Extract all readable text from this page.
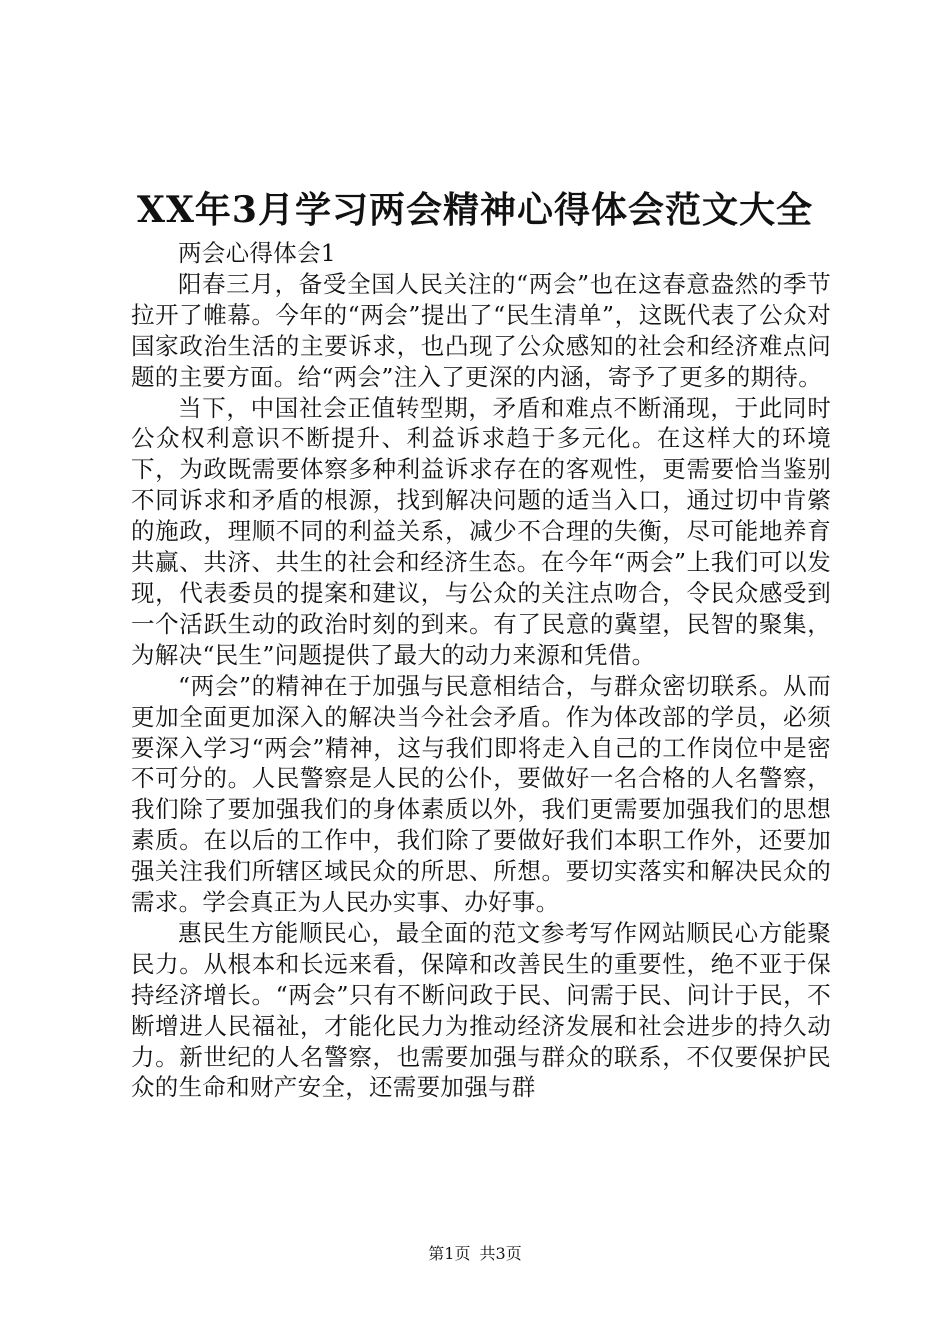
XX年3月学习两会精神心得体会范文大全

两会心得体会1

阳春三月，备受全国人民关注的“两会”也在这春意盎然的季节拉开了帷幕。今年的“两会”提出了“民生清单”，这既代表了公众对国家政治生活的主要诉求，也凸现了公众感知的社会和经济难点问题的主要方面。给“两会”注入了更深的内涵，寄予了更多的期待。

当下，中国社会正值转型期，矛盾和难点不断涌现，于此同时公众权利意识不断提升、利益诉求趋于多元化。在这样大的环境下，为政既需要体察多种利益诉求存在的客观性，更需要恰当鉴别不同诉求和矛盾的根源，找到解决问题的适当入口，通过切中肯綮的施政，理顺不同的利益关系，减少不合理的失衡，尽可能地养育共赢、共济、共生的社会和经济生态。在今年“两会”上我们可以发现，代表委员的提案和建议，与公众的关注点吻合，令民众感受到一个活跃生动的政治时刻的到来。有了民意的冀望，民智的聚集，为解决“民生”问题提供了最大的动力来源和凭借。

“两会”的精神在于加强与民意相结合，与群众密切联系。从而更加全面更加深入的解决当今社会矛盾。作为体改部的学员，必须要深入学习“两会”精神，这与我们即将走入自己的工作岗位中是密不可分的。人民警察是人民的公仆，要做好一名合格的人名警察，我们除了要加强我们的身体素质以外，我们更需要加强我们的思想素质。在以后的工作中，我们除了要做好我们本职工作外，还要加强关注我们所辖区域民众的所思、所想。要切实落实和解决民众的需求。学会真正为人民办实事、办好事。

惠民生方能顺民心，最全面的范文参考写作网站顺民心方能聚民力。从根本和长远来看，保障和改善民生的重要性，绝不亚于保持经济增长。“两会”只有不断问政于民、问需于民、问计于民，不断增进人民福祉，才能化民力为推动经济发展和社会进步的持久动力。新世纪的人名警察，也需要加强与群众的联系，不仅要保护民众的生命和财产安全，还需要加强与群

第1页 共3页
